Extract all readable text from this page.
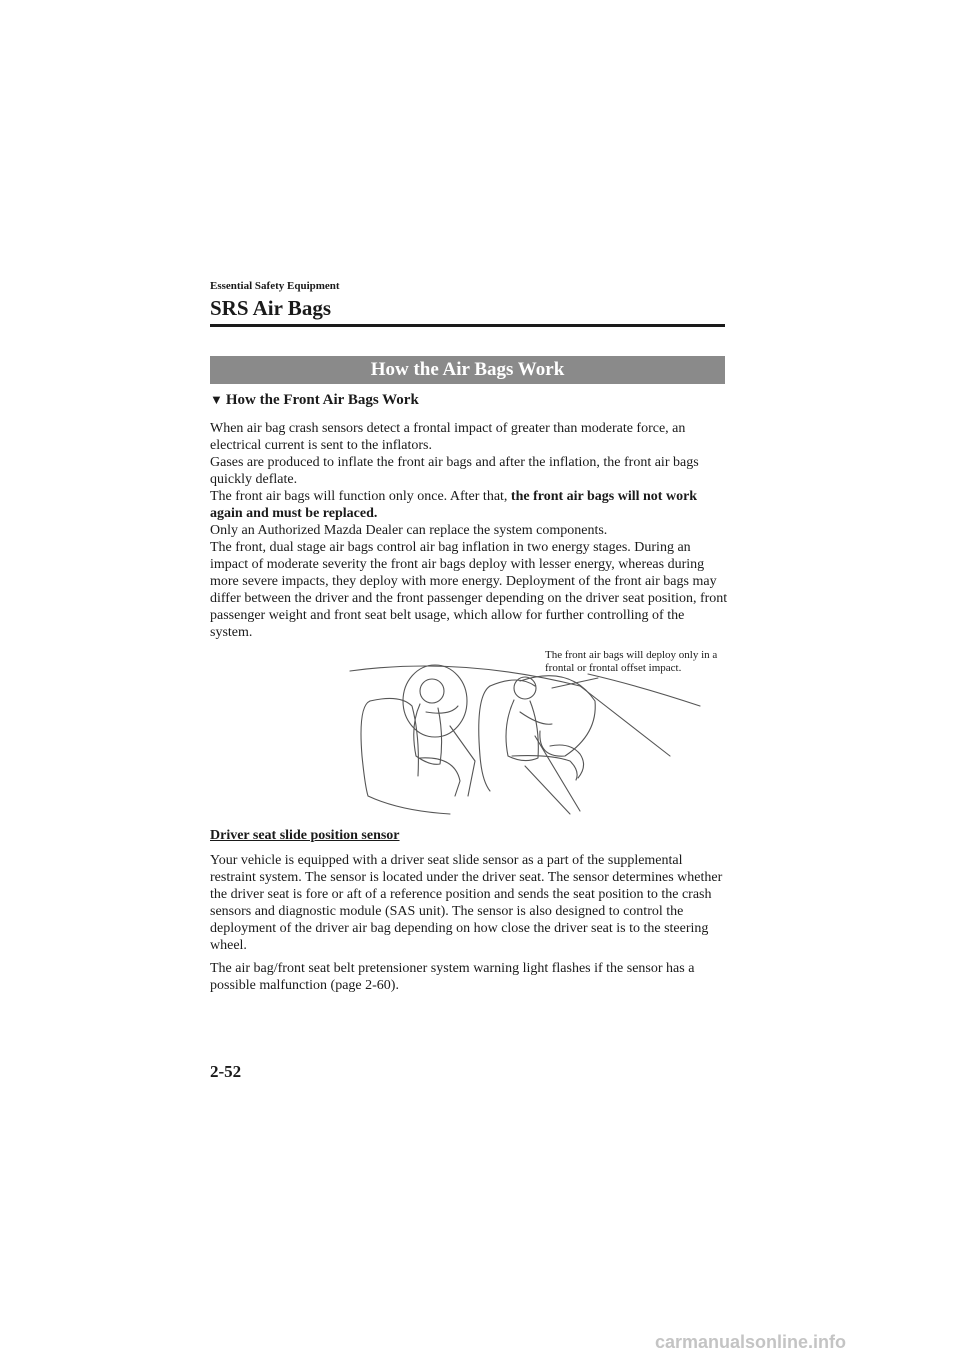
Essential Safety Equipment
SRS Air Bags
How the Air Bags Work
▼ How the Front Air Bags Work

When air bag crash sensors detect a frontal impact of greater than moderate force, an electrical current is sent to the inflators.

Gases are produced to inflate the front air bags and after the inflation, the front air bags quickly deflate.

The front air bags will function only once. After that, the front air bags will not work again and must be replaced.

Only an Authorized Mazda Dealer can replace the system components.

The front, dual stage air bags control air bag inflation in two energy stages. During an impact of moderate severity the front air bags deploy with lesser energy, whereas during more severe impacts, they deploy with more energy. Deployment of the front air bags may differ between the driver and the front passenger depending on the driver seat position, front passenger weight and front seat belt usage, which allow for further controlling of the system.

The front air bags will deploy only in a frontal or frontal offset impact.
Driver seat slide position sensor

Your vehicle is equipped with a driver seat slide sensor as a part of the supplemental restraint system. The sensor is located under the driver seat. The sensor determines whether the driver seat is fore or aft of a reference position and sends the seat position to the crash sensors and diagnostic module (SAS unit). The sensor is also designed to control the deployment of the driver air bag depending on how close the driver seat is to the steering wheel.

The air bag/front seat belt pretensioner system warning light flashes if the sensor has a possible malfunction (page 2-60).

2-52
carmanualsonline.info
